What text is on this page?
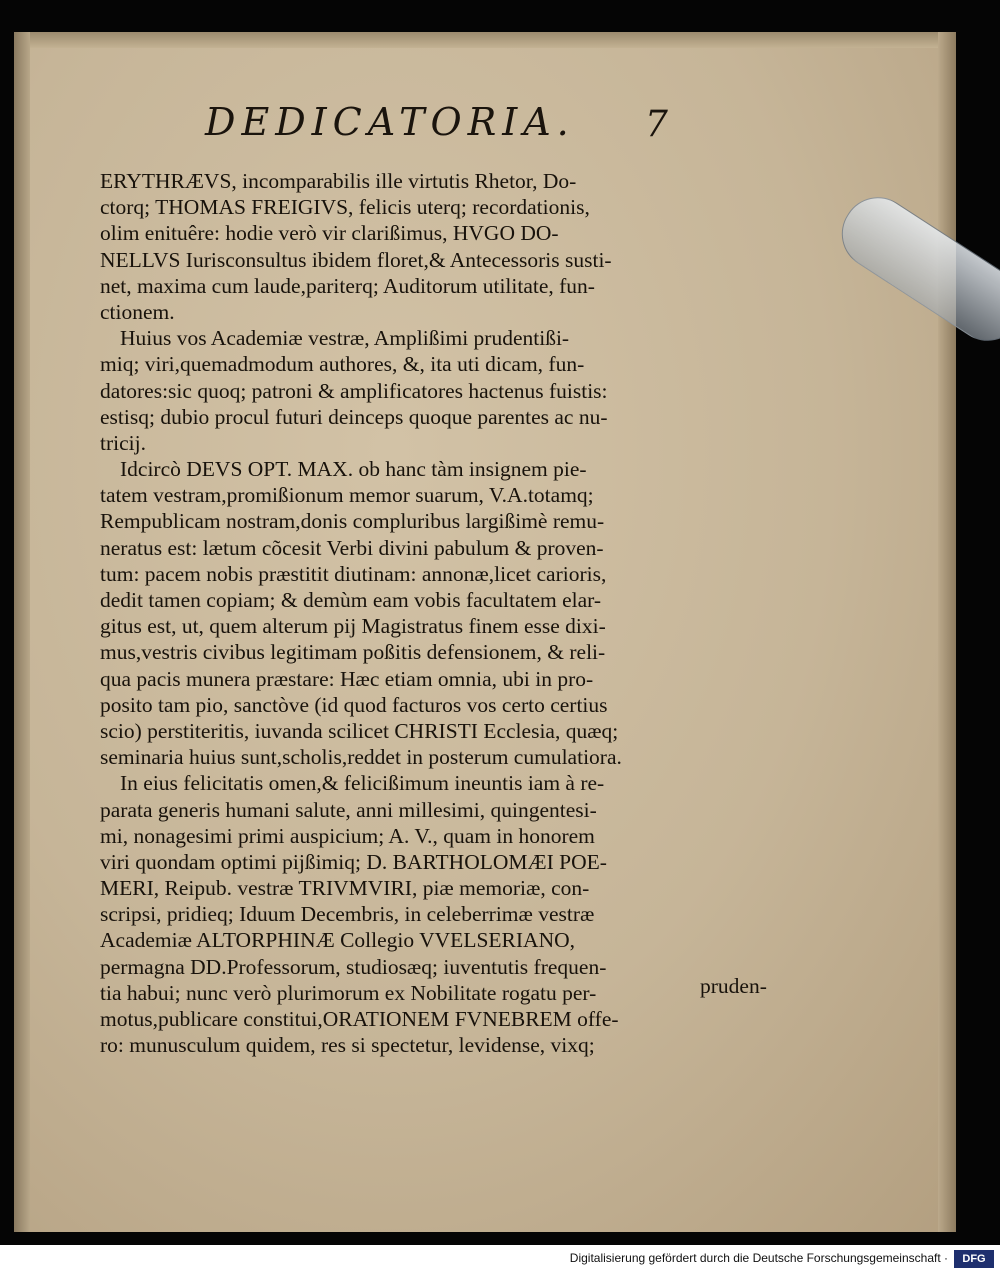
DEDICATORIA. 7
ERYTHRÆVS, incomparabilis ille virtutis Rhetor, Do-
ctorq; THOMAS FREIGIVS, felicis uterq; recordationis,
olim enituêre: hodie verò vir clarißimus, HVGO DO-
NELLVS Iurisconsultus ibidem floret,& Antecessoris susti-
net, maxima cum laude,pariterq; Auditorum utilitate, fun-
ctionem.
Huius vos Academiæ vestræ, Amplißimi prudentißi-
miq; viri,quemadmodum authores, &, ita uti dicam, fun-
datores:sic quoq; patroni & amplificatores hactenus fuistis:
estisq; dubio procul futuri deinceps quoque parentes ac nu-
tricij.
Idcircò DEVS OPT. MAX. ob hanc tàm insignem pie-
tatem vestram,promißionum memor suarum, V.A.totamq;
Rempublicam nostram,donis compluribus largißimè remu-
neratus est: lætum cõcesit Verbi divini pabulum & proven-
tum: pacem nobis præstitit diutinam: annonæ,licet carioris,
dedit tamen copiam; & demùm eam vobis facultatem elar-
gitus est, ut, quem alterum pij Magistratus finem esse dixi-
mus,vestris civibus legitimam poßitis defensionem, & reli-
qua pacis munera præstare: Hæc etiam omnia, ubi in pro-
posito tam pio, sanctòve (id quod facturos vos certo certius
scio) perstiteritis, iuvanda scilicet CHRISTI Ecclesia, quæq;
seminaria huius sunt,scholis,reddet in posterum cumulatiora.
In eius felicitatis omen,& felicißimum ineuntis iam à re-
parata generis humani salute, anni millesimi, quingentesi-
mi, nonagesimi primi auspicium; A. V., quam in honorem
viri quondam optimi pijßimiq; D. BARTHOLOMÆI POE-
MERI, Reipub. vestræ TRIVMVIRI, piæ memoriæ, con-
scripsi, pridieq; Iduum Decembris, in celeberrimæ vestræ
Academiæ ALTORPHINÆ Collegio VVELSERIANO,
permagna DD.Professorum, studiosæq; iuventutis frequen-
tia habui; nunc verò plurimorum ex Nobilitate rogatu per-
motus,publicare constitui,ORATIONEM FVNEBREM offe-
ro: munusculum quidem, res si spectetur, levidense, vixq;
pruden-
Digitalisierung gefördert durch die Deutsche Forschungsgemeinschaft ·	DFG
